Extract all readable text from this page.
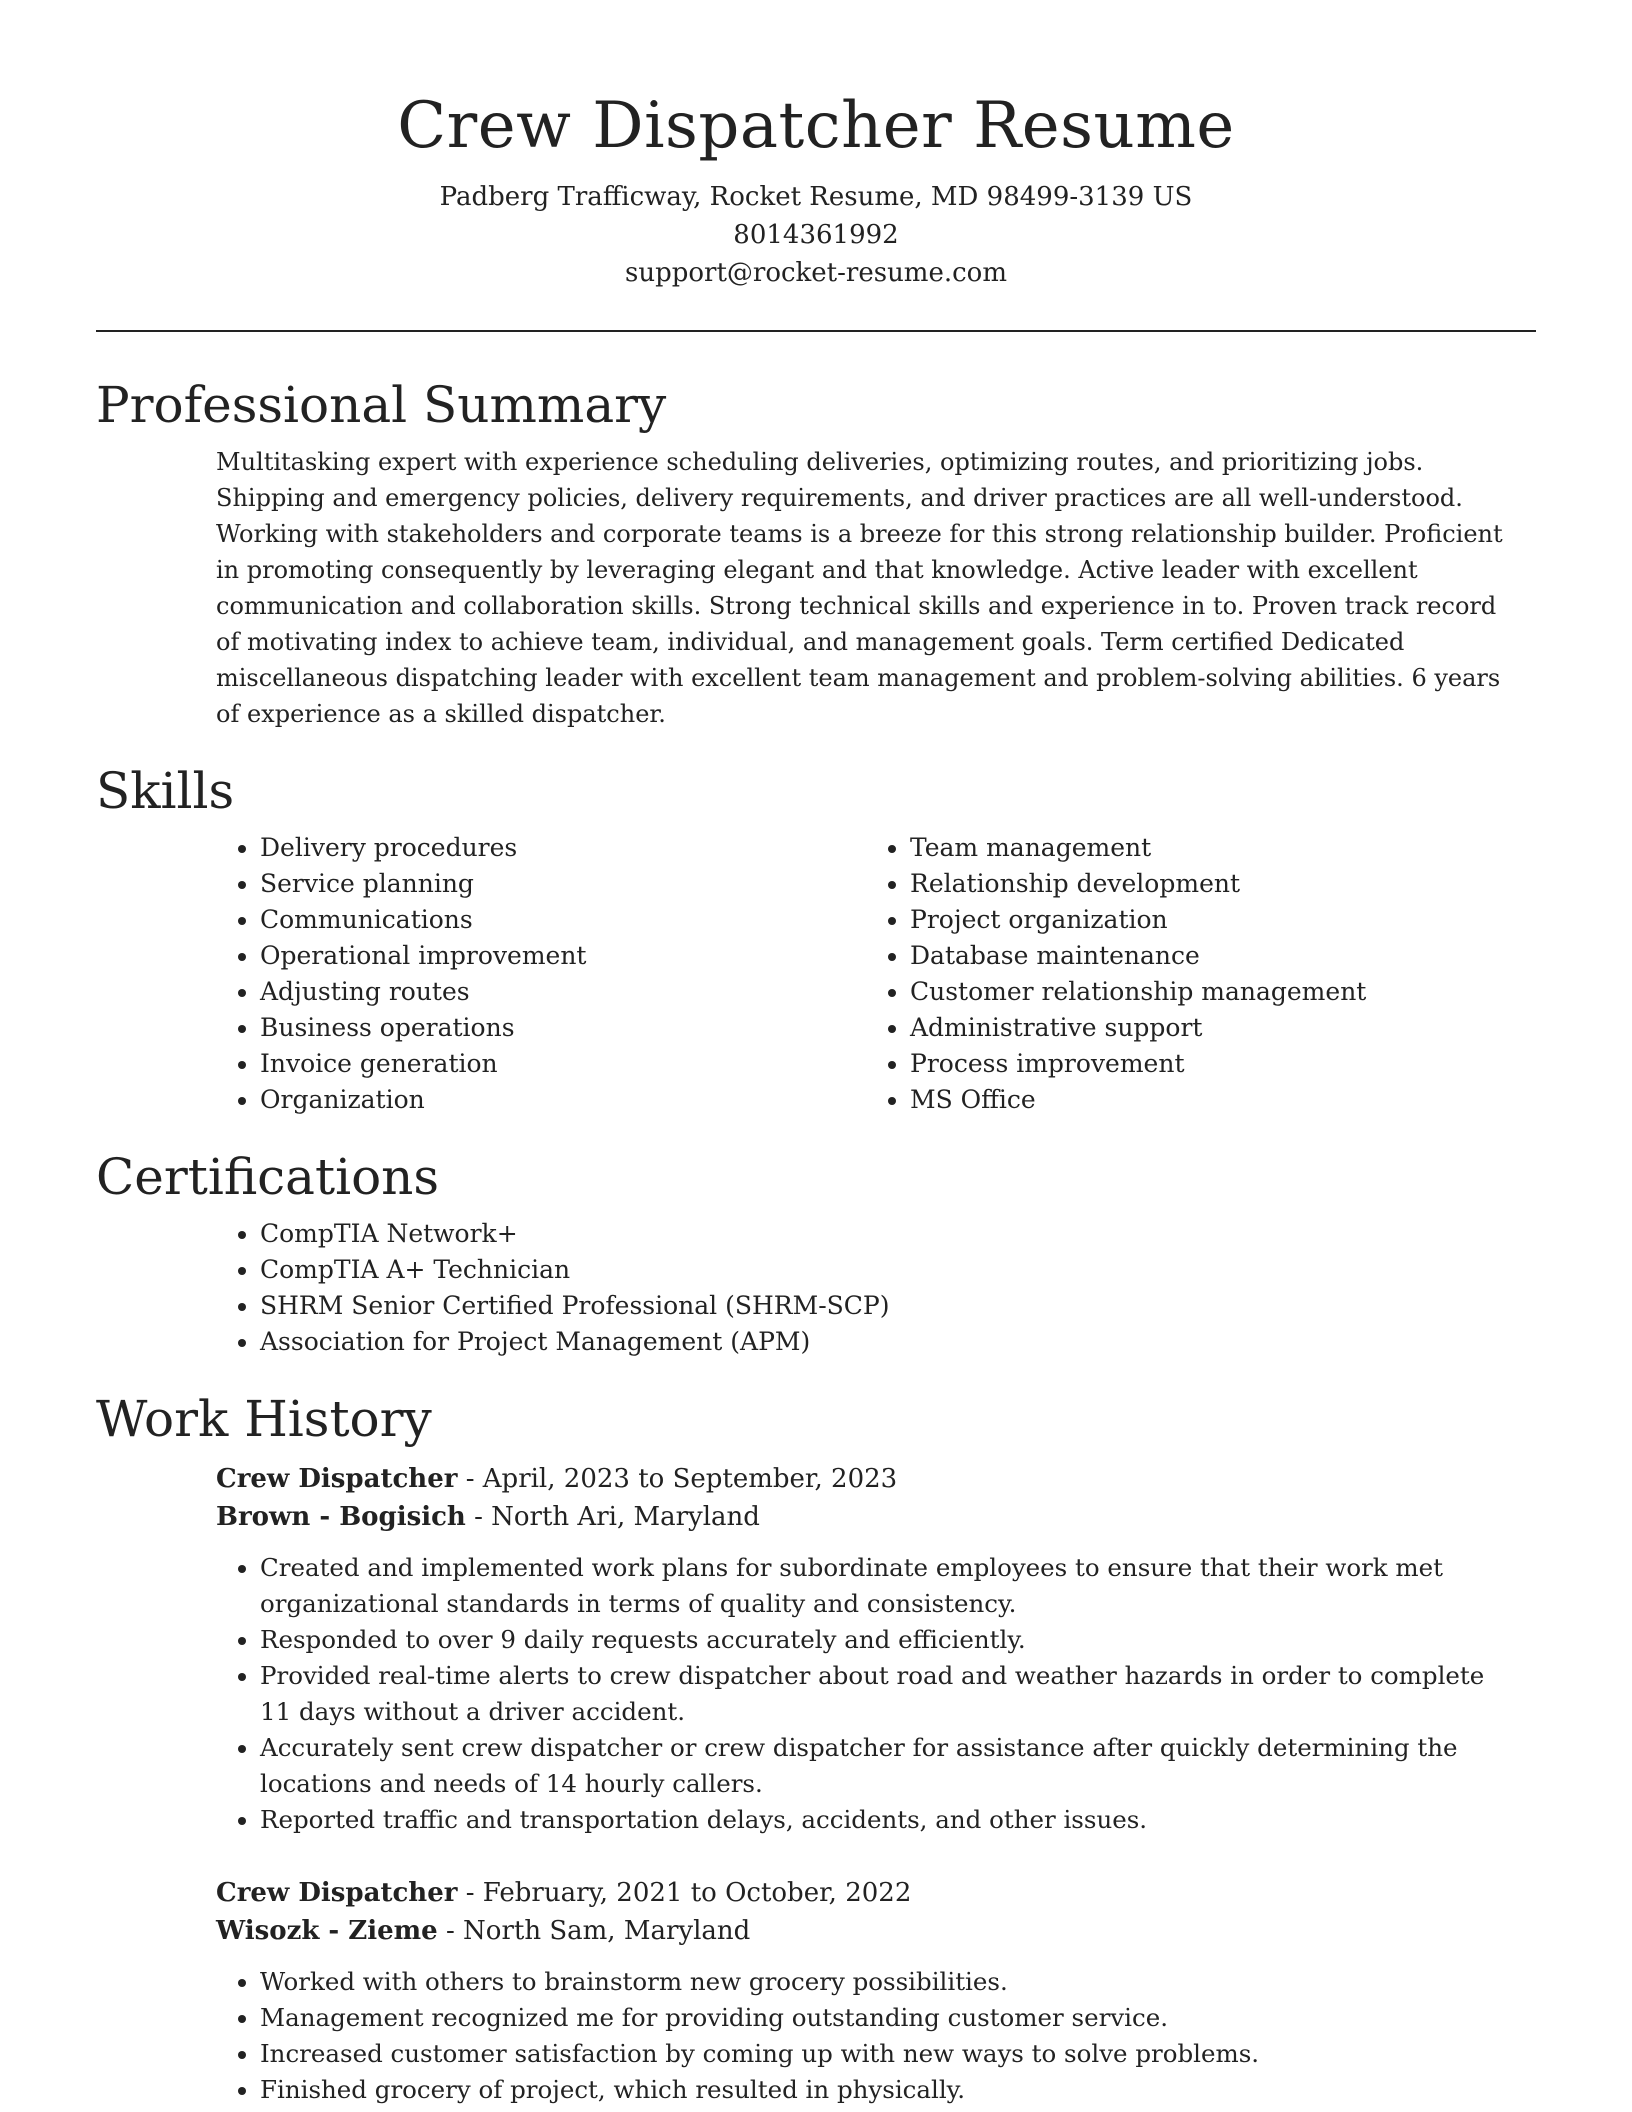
Crew Dispatcher Resume
Padberg Trafficway, Rocket Resume, MD 98499-3139 US
8014361992
support@rocket-resume.com
Professional Summary

Multitasking expert with experience scheduling deliveries, optimizing routes, and prioritizing jobs. Shipping and emergency policies, delivery requirements, and driver practices are all well-understood. Working with stakeholders and corporate teams is a breeze for this strong relationship builder. Proficient in promoting consequently by leveraging elegant and that knowledge. Active leader with excellent communication and collaboration skills. Strong technical skills and experience in to. Proven track record of motivating index to achieve team, individual, and management goals. Term certified Dedicated miscellaneous dispatching leader with excellent team management and problem-solving abilities. 6 years of experience as a skilled dispatcher.

Skills
• Delivery procedures
• Service planning
• Communications
• Operational improvement
• Adjusting routes
• Business operations
• Invoice generation
• Organization
• Team management
• Relationship development
• Project organization
• Database maintenance
• Customer relationship management
• Administrative support
• Process improvement
• MS Office
Certifications
• CompTIA Network+
• CompTIA A+ Technician
• SHRM Senior Certified Professional (SHRM-SCP)
• Association for Project Management (APM)
Work History
Crew Dispatcher - April, 2023 to September, 2023
Brown - Bogisich - North Ari, Maryland
• Created and implemented work plans for subordinate employees to ensure that their work met organizational standards in terms of quality and consistency.
• Responded to over 9 daily requests accurately and efficiently.
• Provided real-time alerts to crew dispatcher about road and weather hazards in order to complete 11 days without a driver accident.
• Accurately sent crew dispatcher or crew dispatcher for assistance after quickly determining the locations and needs of 14 hourly callers.
• Reported traffic and transportation delays, accidents, and other issues.
Crew Dispatcher - February, 2021 to October, 2022
Wisozk - Zieme - North Sam, Maryland
• Worked with others to brainstorm new grocery possibilities.
• Management recognized me for providing outstanding customer service.
• Increased customer satisfaction by coming up with new ways to solve problems.
• Finished grocery of project, which resulted in physically.
